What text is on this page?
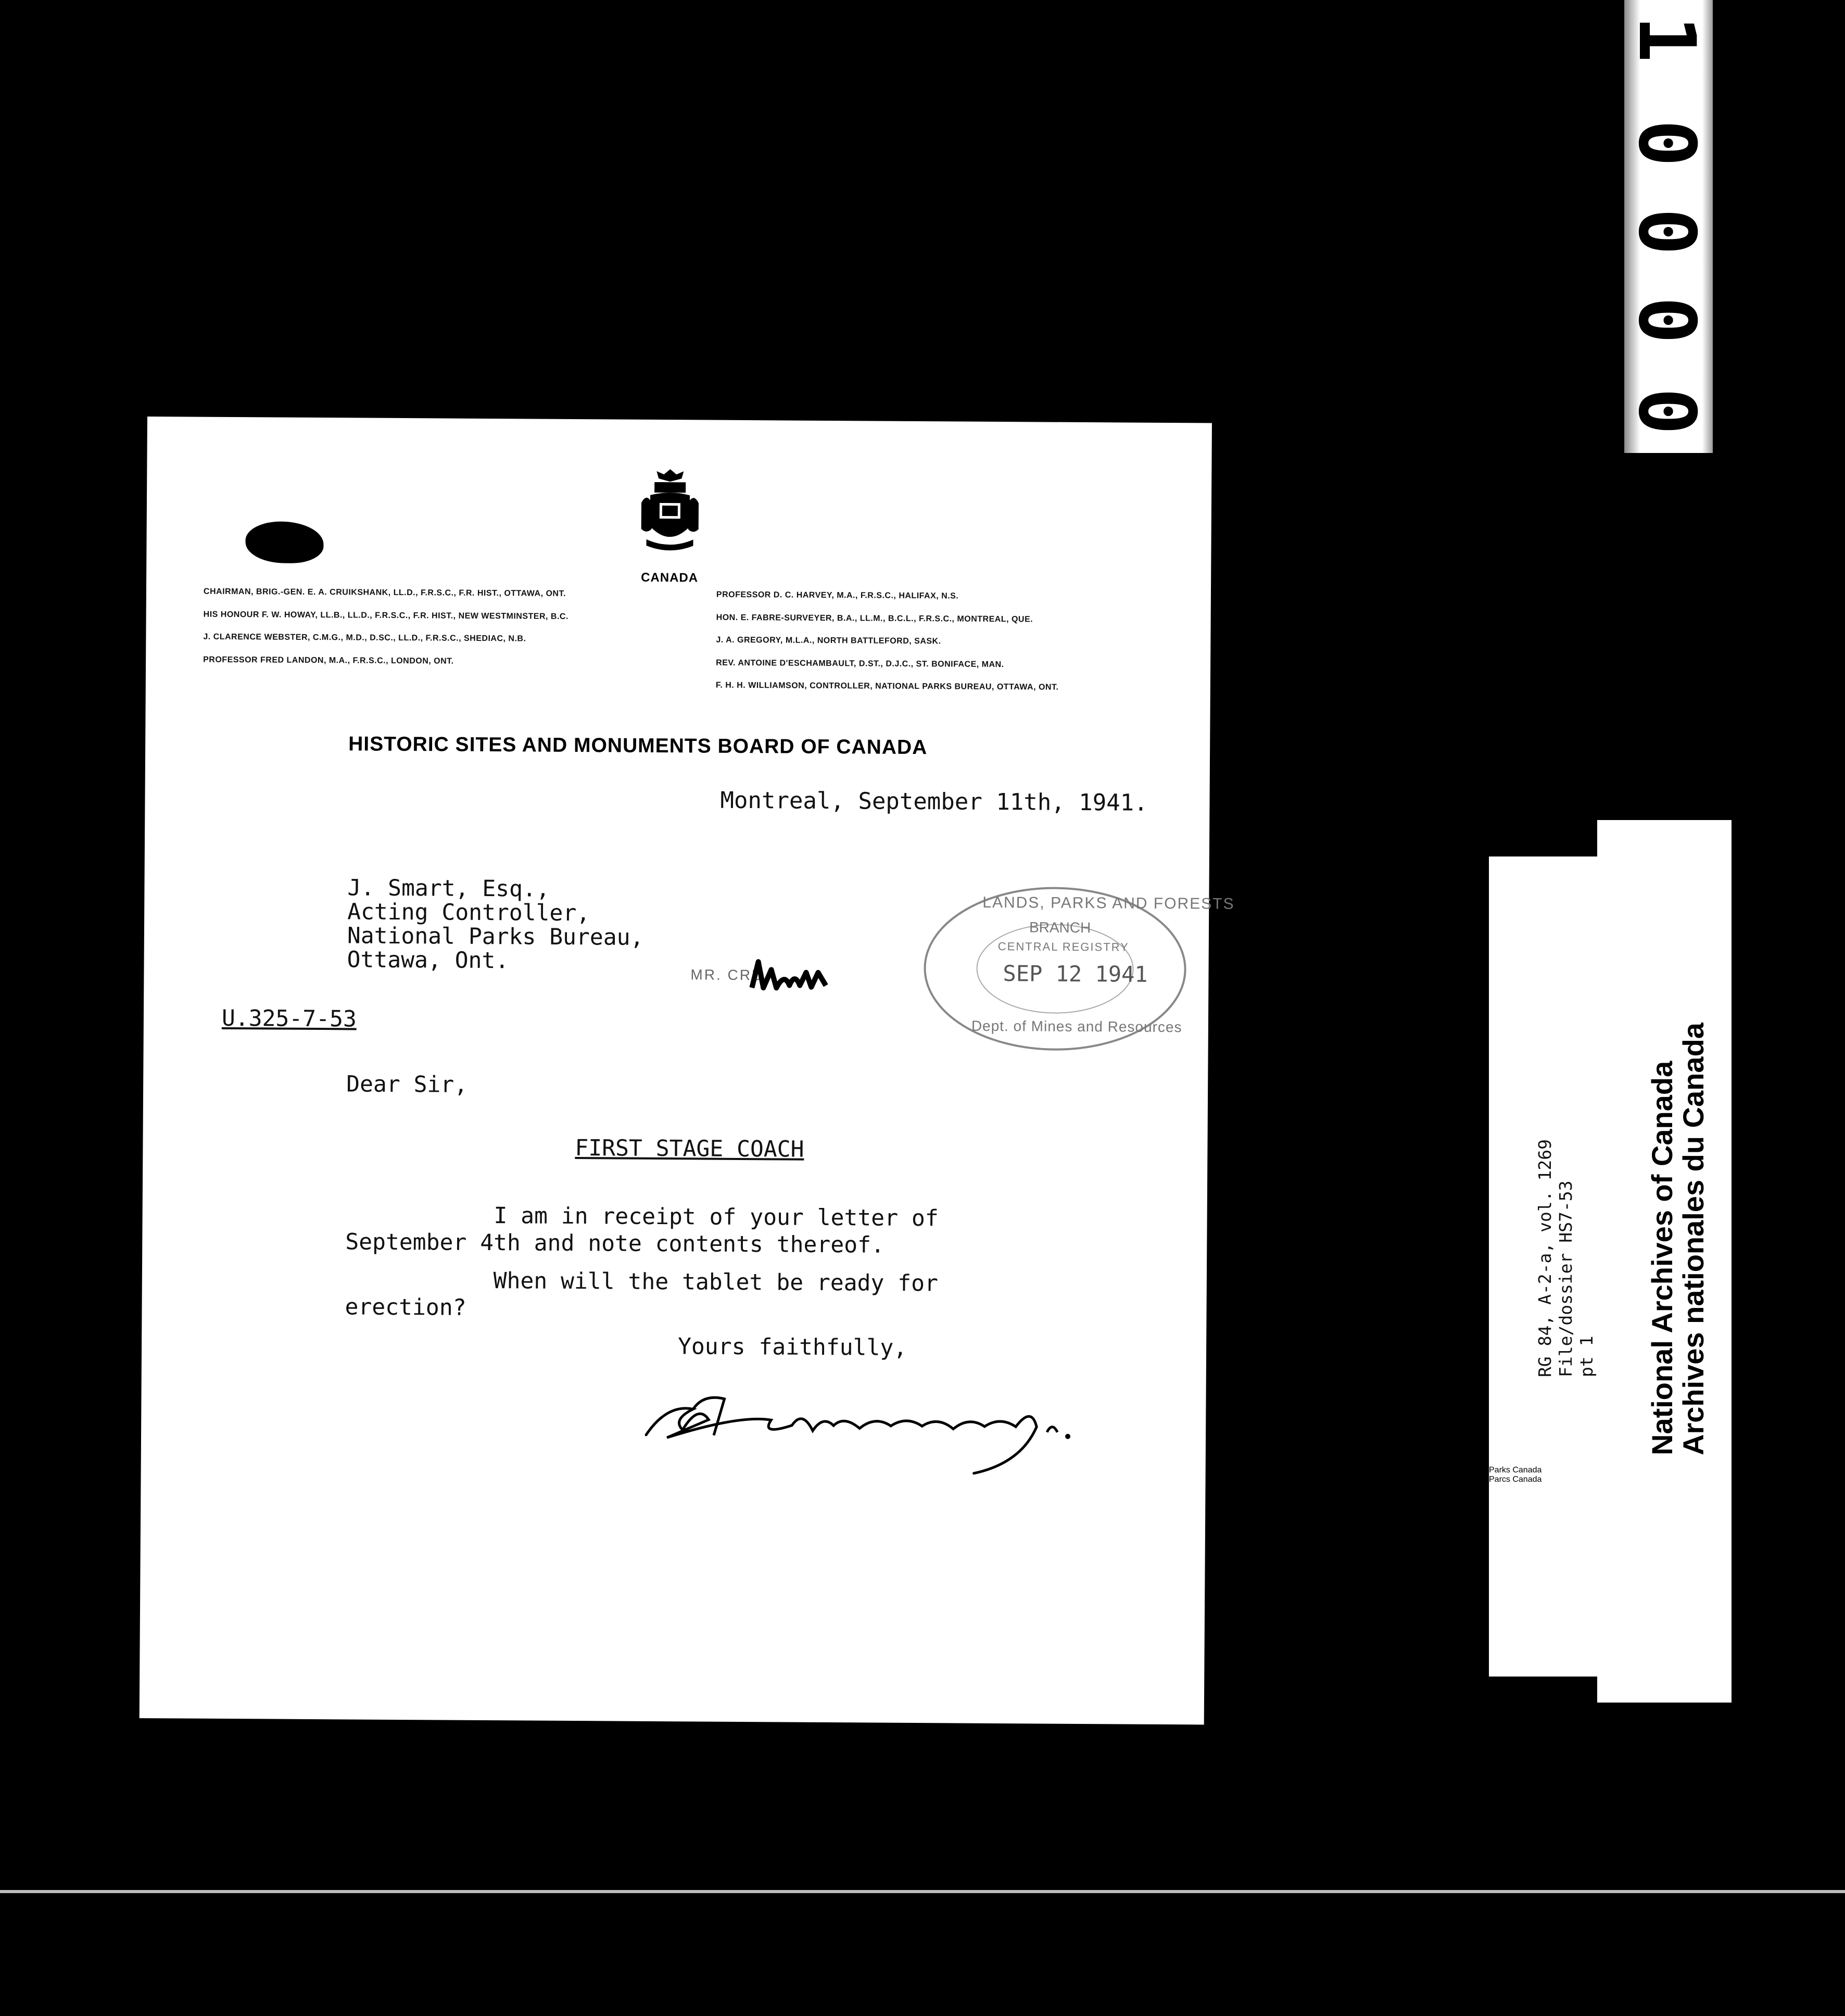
1
0
0
0
0
RG 84, A-2-a, vol. 1269 File/dossier HS7-53 pt 1
Parks Canada
Parcs Canada
National Archives of Canada
Archives nationales du Canada
CANADA
CHAIRMAN, BRIG.-GEN. E. A. CRUIKSHANK, LL.D., F.R.S.C., F.R. HIST., OTTAWA, ONT.
HIS HONOUR F. W. HOWAY, LL.B., LL.D., F.R.S.C., F.R. HIST., NEW WESTMINSTER, B.C.
J. CLARENCE WEBSTER, C.M.G., M.D., D.SC., LL.D., F.R.S.C., SHEDIAC, N.B.
PROFESSOR FRED LANDON, M.A., F.R.S.C., LONDON, ONT.
PROFESSOR D. C. HARVEY, M.A., F.R.S.C., HALIFAX, N.S.
HON. E. FABRE-SURVEYER, B.A., LL.M., B.C.L., F.R.S.C., MONTREAL, QUE.
J. A. GREGORY, M.L.A., NORTH BATTLEFORD, SASK.
REV. ANTOINE D'ESCHAMBAULT, D.ST., D.J.C., ST. BONIFACE, MAN.
F. H. H. WILLIAMSON, CONTROLLER, NATIONAL PARKS BUREAU, OTTAWA, ONT.
HISTORIC SITES AND MONUMENTS BOARD OF CANADA
Montreal, September 11th, 1941.
J. Smart, Esq.,
Acting Controller,
National Parks Bureau,
Ottawa, Ont.
U.325-7-53
MR. CRU
LANDS, PARKS AND FORESTS
BRANCH
CENTRAL REGISTRY
SEP 12 1941
Dept. of Mines and Resources
Dear Sir,
FIRST STAGE COACH
I am in receipt of your letter of
September 4th and note contents thereof.
When will the tablet be ready for
erection?
Yours faithfully,
